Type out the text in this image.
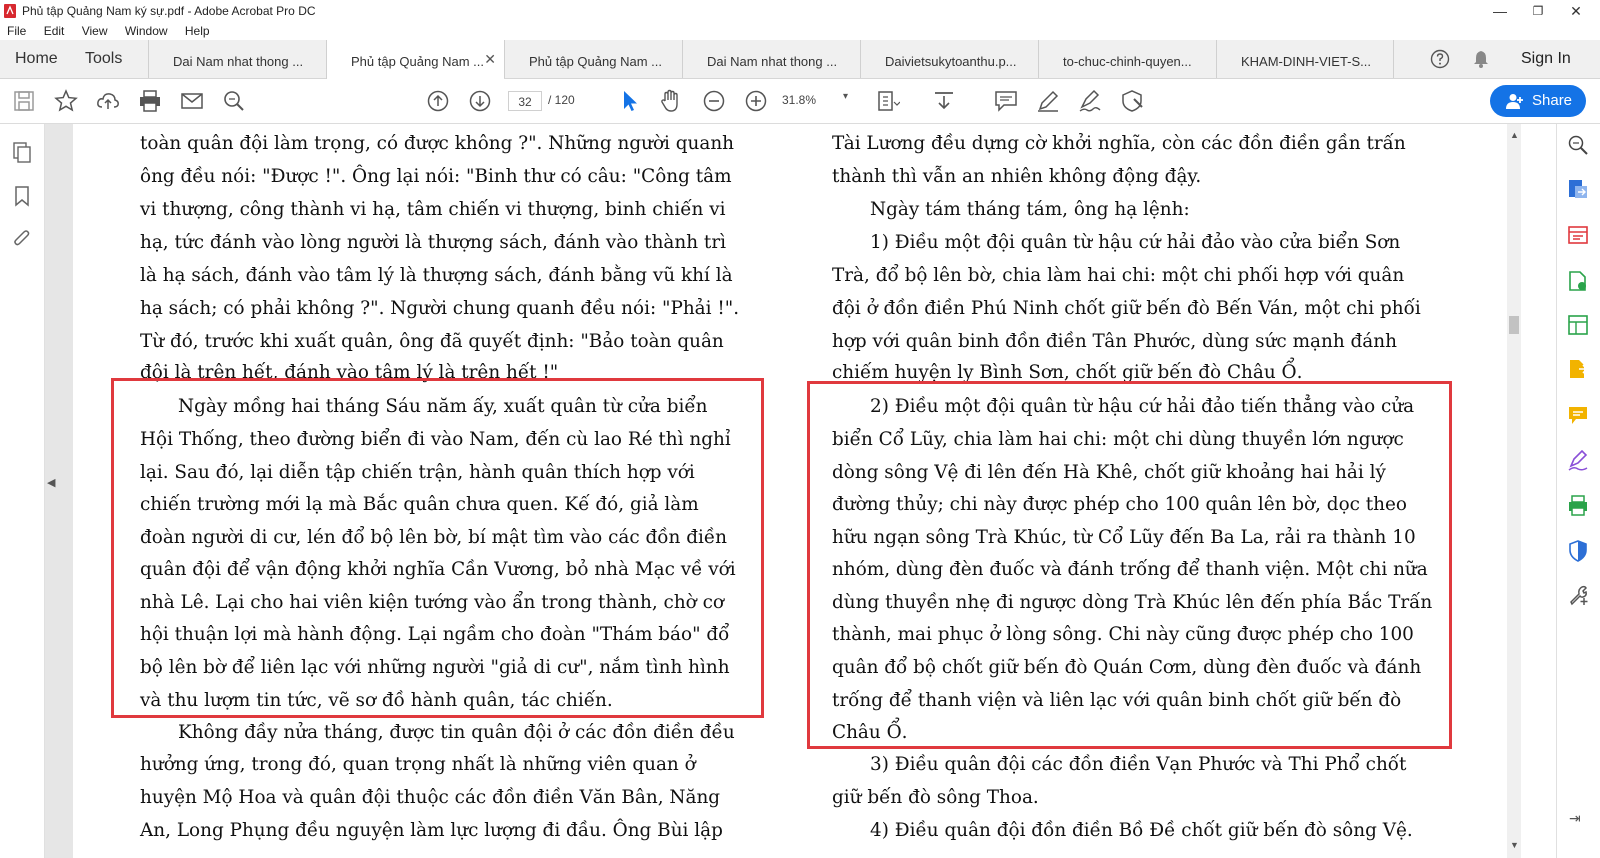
Phủ tập Quảng Nam ký sự.pdf - Adobe Acrobat Pro DC	—	❐	✕
File Edit View Window Help
Home Tools	Dai Nam nhat thong ...	Phủ tập Quảng Nam ... ✕	Phủ tập Quảng Nam ...	Dai Nam nhat thong ...	Daivietsukytoanthu.p...	to-chuc-chinh-quyen...	KHAM-DINH-VIET-S...	Sign In
32	/ 120	31.8%	▾	Share
◀

toàn quân đội làm trọng, có được không ?". Những người quanh

ông đều nói: "Được !". Ông lại nói: "Binh thư có câu: "Công tâm

vi thượng, công thành vi hạ, tâm chiến vi thượng, binh chiến vi

hạ, tức đánh vào lòng người là thượng sách, đánh vào thành trì

là hạ sách, đánh vào tâm lý là thượng sách, đánh bằng vũ khí là

hạ sách; có phải không ?". Người chung quanh đều nói: "Phải !".

Từ đó, trước khi xuất quân, ông đã quyết định: "Bảo toàn quân

đội là trên hết, đánh vào tâm lý là trên hết !"

Ngày mồng hai tháng Sáu năm ấy, xuất quân từ cửa biển

Hội Thống, theo đường biển đi vào Nam, đến cù lao Ré thì nghỉ

lại. Sau đó, lại diễn tập chiến trận, hành quân thích hợp với

chiến trường mới lạ mà Bắc quân chưa quen. Kế đó, giả làm

đoàn người di cư, lén đổ bộ lên bờ, bí mật tìm vào các đồn điền

quân đội để vận động khởi nghĩa Cần Vương, bỏ nhà Mạc về với

nhà Lê. Lại cho hai viên kiện tướng vào ẩn trong thành, chờ cơ

hội thuận lợi mà hành động. Lại ngầm cho đoàn "Thám báo" đổ

bộ lên bờ để liên lạc với những người "giả di cư", nắm tình hình

và thu lượm tin tức, vẽ sơ đồ hành quân, tác chiến.

Không đầy nửa tháng, được tin quân đội ở các đồn điền đều

hưởng ứng, trong đó, quan trọng nhất là những viên quan ở

huyện Mộ Hoa và quân đội thuộc các đồn điền Văn Bân, Năng

An, Long Phụng đều nguyện làm lực lượng đi đầu. Ông Bùi lập

Tài Lương đều dựng cờ khởi nghĩa, còn các đồn điền gần trấn

thành thì vẫn an nhiên không động đậy.

Ngày tám tháng tám, ông hạ lệnh:

1) Điều một đội quân từ hậu cứ hải đảo vào cửa biển Sơn

Trà, đổ bộ lên bờ, chia làm hai chi: một chi phối hợp với quân

đội ở đồn điền Phú Ninh chốt giữ bến đò Bến Ván, một chi phối

hợp với quân binh đồn điền Tân Phước, dùng sức mạnh đánh

chiếm huyện ly Bình Sơn, chốt giữ bến đò Châu Ổ.

2) Điều một đội quân từ hậu cứ hải đảo tiến thẳng vào cửa

biển Cổ Lũy, chia làm hai chi: một chi dùng thuyền lớn ngược

dòng sông Vệ đi lên đến Hà Khê, chốt giữ khoảng hai hải lý

đường thủy; chi này được phép cho 100 quân lên bờ, dọc theo

hữu ngạn sông Trà Khúc, từ Cổ Lũy đến Ba La, rải ra thành 10

nhóm, dùng đèn đuốc và đánh trống để thanh viện. Một chi nữa

dùng thuyền nhẹ đi ngược dòng Trà Khúc lên đến phía Bắc Trấn

thành, mai phục ở lòng sông. Chi này cũng được phép cho 100

quân đổ bộ chốt giữ bến đò Quán Cơm, dùng đèn đuốc và đánh

trống để thanh viện và liên lạc với quân binh chốt giữ bến đò

Châu Ổ.

3) Điều quân đội các đồn điền Vạn Phước và Thi Phổ chốt

giữ bến đò sông Thoa.

4) Điều quân đội đồn điền Bồ Đề chốt giữ bến đò sông Vệ.

▲
▼
⇥
